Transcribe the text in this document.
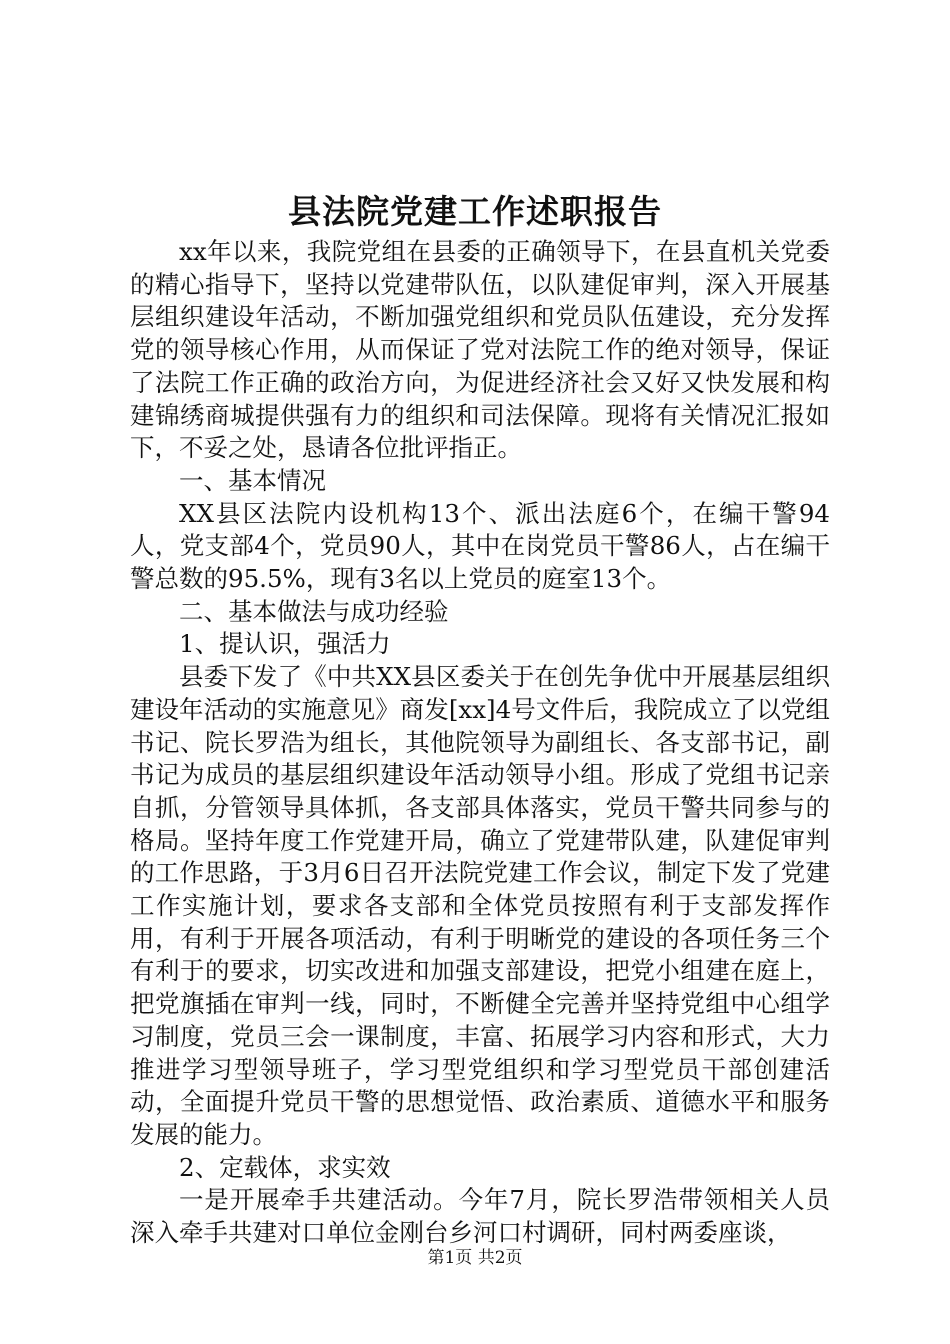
县法院党建工作述职报告

xx年以来，我院党组在县委的正确领导下，在县直机关党委的精心指导下，坚持以党建带队伍，以队建促审判，深入开展基层组织建设年活动，不断加强党组织和党员队伍建设，充分发挥党的领导核心作用，从而保证了党对法院工作的绝对领导，保证了法院工作正确的政治方向，为促进经济社会又好又快发展和构建锦绣商城提供强有力的组织和司法保障。现将有关情况汇报如下，不妥之处，恳请各位批评指正。

一、基本情况

XX县区法院内设机构13个、派出法庭6个，在编干警94人，党支部4个，党员90人，其中在岗党员干警86人，占在编干警总数的95.5%，现有3名以上党员的庭室13个。

二、基本做法与成功经验

1、提认识，强活力

县委下发了《中共XX县区委关于在创先争优中开展基层组织建设年活动的实施意见》商发[xx]4号文件后，我院成立了以党组书记、院长罗浩为组长，其他院领导为副组长、各支部书记，副书记为成员的基层组织建设年活动领导小组。形成了党组书记亲自抓，分管领导具体抓，各支部具体落实，党员干警共同参与的格局。坚持年度工作党建开局，确立了党建带队建，队建促审判的工作思路，于3月6日召开法院党建工作会议，制定下发了党建工作实施计划，要求各支部和全体党员按照有利于支部发挥作用，有利于开展各项活动，有利于明晰党的建设的各项任务三个有利于的要求，切实改进和加强支部建设，把党小组建在庭上，把党旗插在审判一线，同时，不断健全完善并坚持党组中心组学习制度，党员三会一课制度，丰富、拓展学习内容和形式，大力推进学习型领导班子，学习型党组织和学习型党员干部创建活动，全面提升党员干警的思想觉悟、政治素质、道德水平和服务发展的能力。

2、定载体，求实效

一是开展牵手共建活动。今年7月，院长罗浩带领相关人员深入牵手共建对口单位金刚台乡河口村调研，同村两委座谈，

第1页 共2页
